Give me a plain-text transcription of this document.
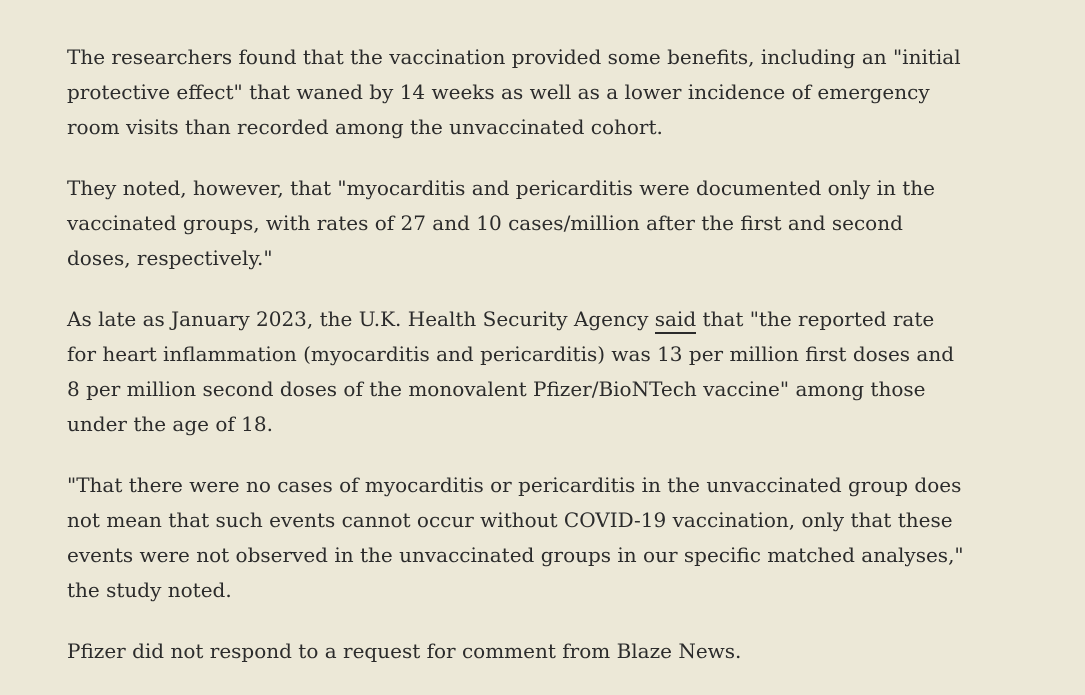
The researchers found that the vaccination provided some benefits, including an "initial protective effect" that waned by 14 weeks as well as a lower incidence of emergency room visits than recorded among the unvaccinated cohort.

They noted, however, that "myocarditis and pericarditis were documented only in the vaccinated groups, with rates of 27 and 10 cases/million after the first and second doses, respectively."

As late as January 2023, the U.K. Health Security Agency said that "the reported rate for heart inflammation (myocarditis and pericarditis) was 13 per million first doses and 8 per million second doses of the monovalent Pfizer/BioNTech vaccine" among those under the age of 18.

"That there were no cases of myocarditis or pericarditis in the unvaccinated group does not mean that such events cannot occur without COVID-19 vaccination, only that these events were not observed in the unvaccinated groups in our specific matched analyses," the study noted.

Pfizer did not respond to a request for comment from Blaze News.
